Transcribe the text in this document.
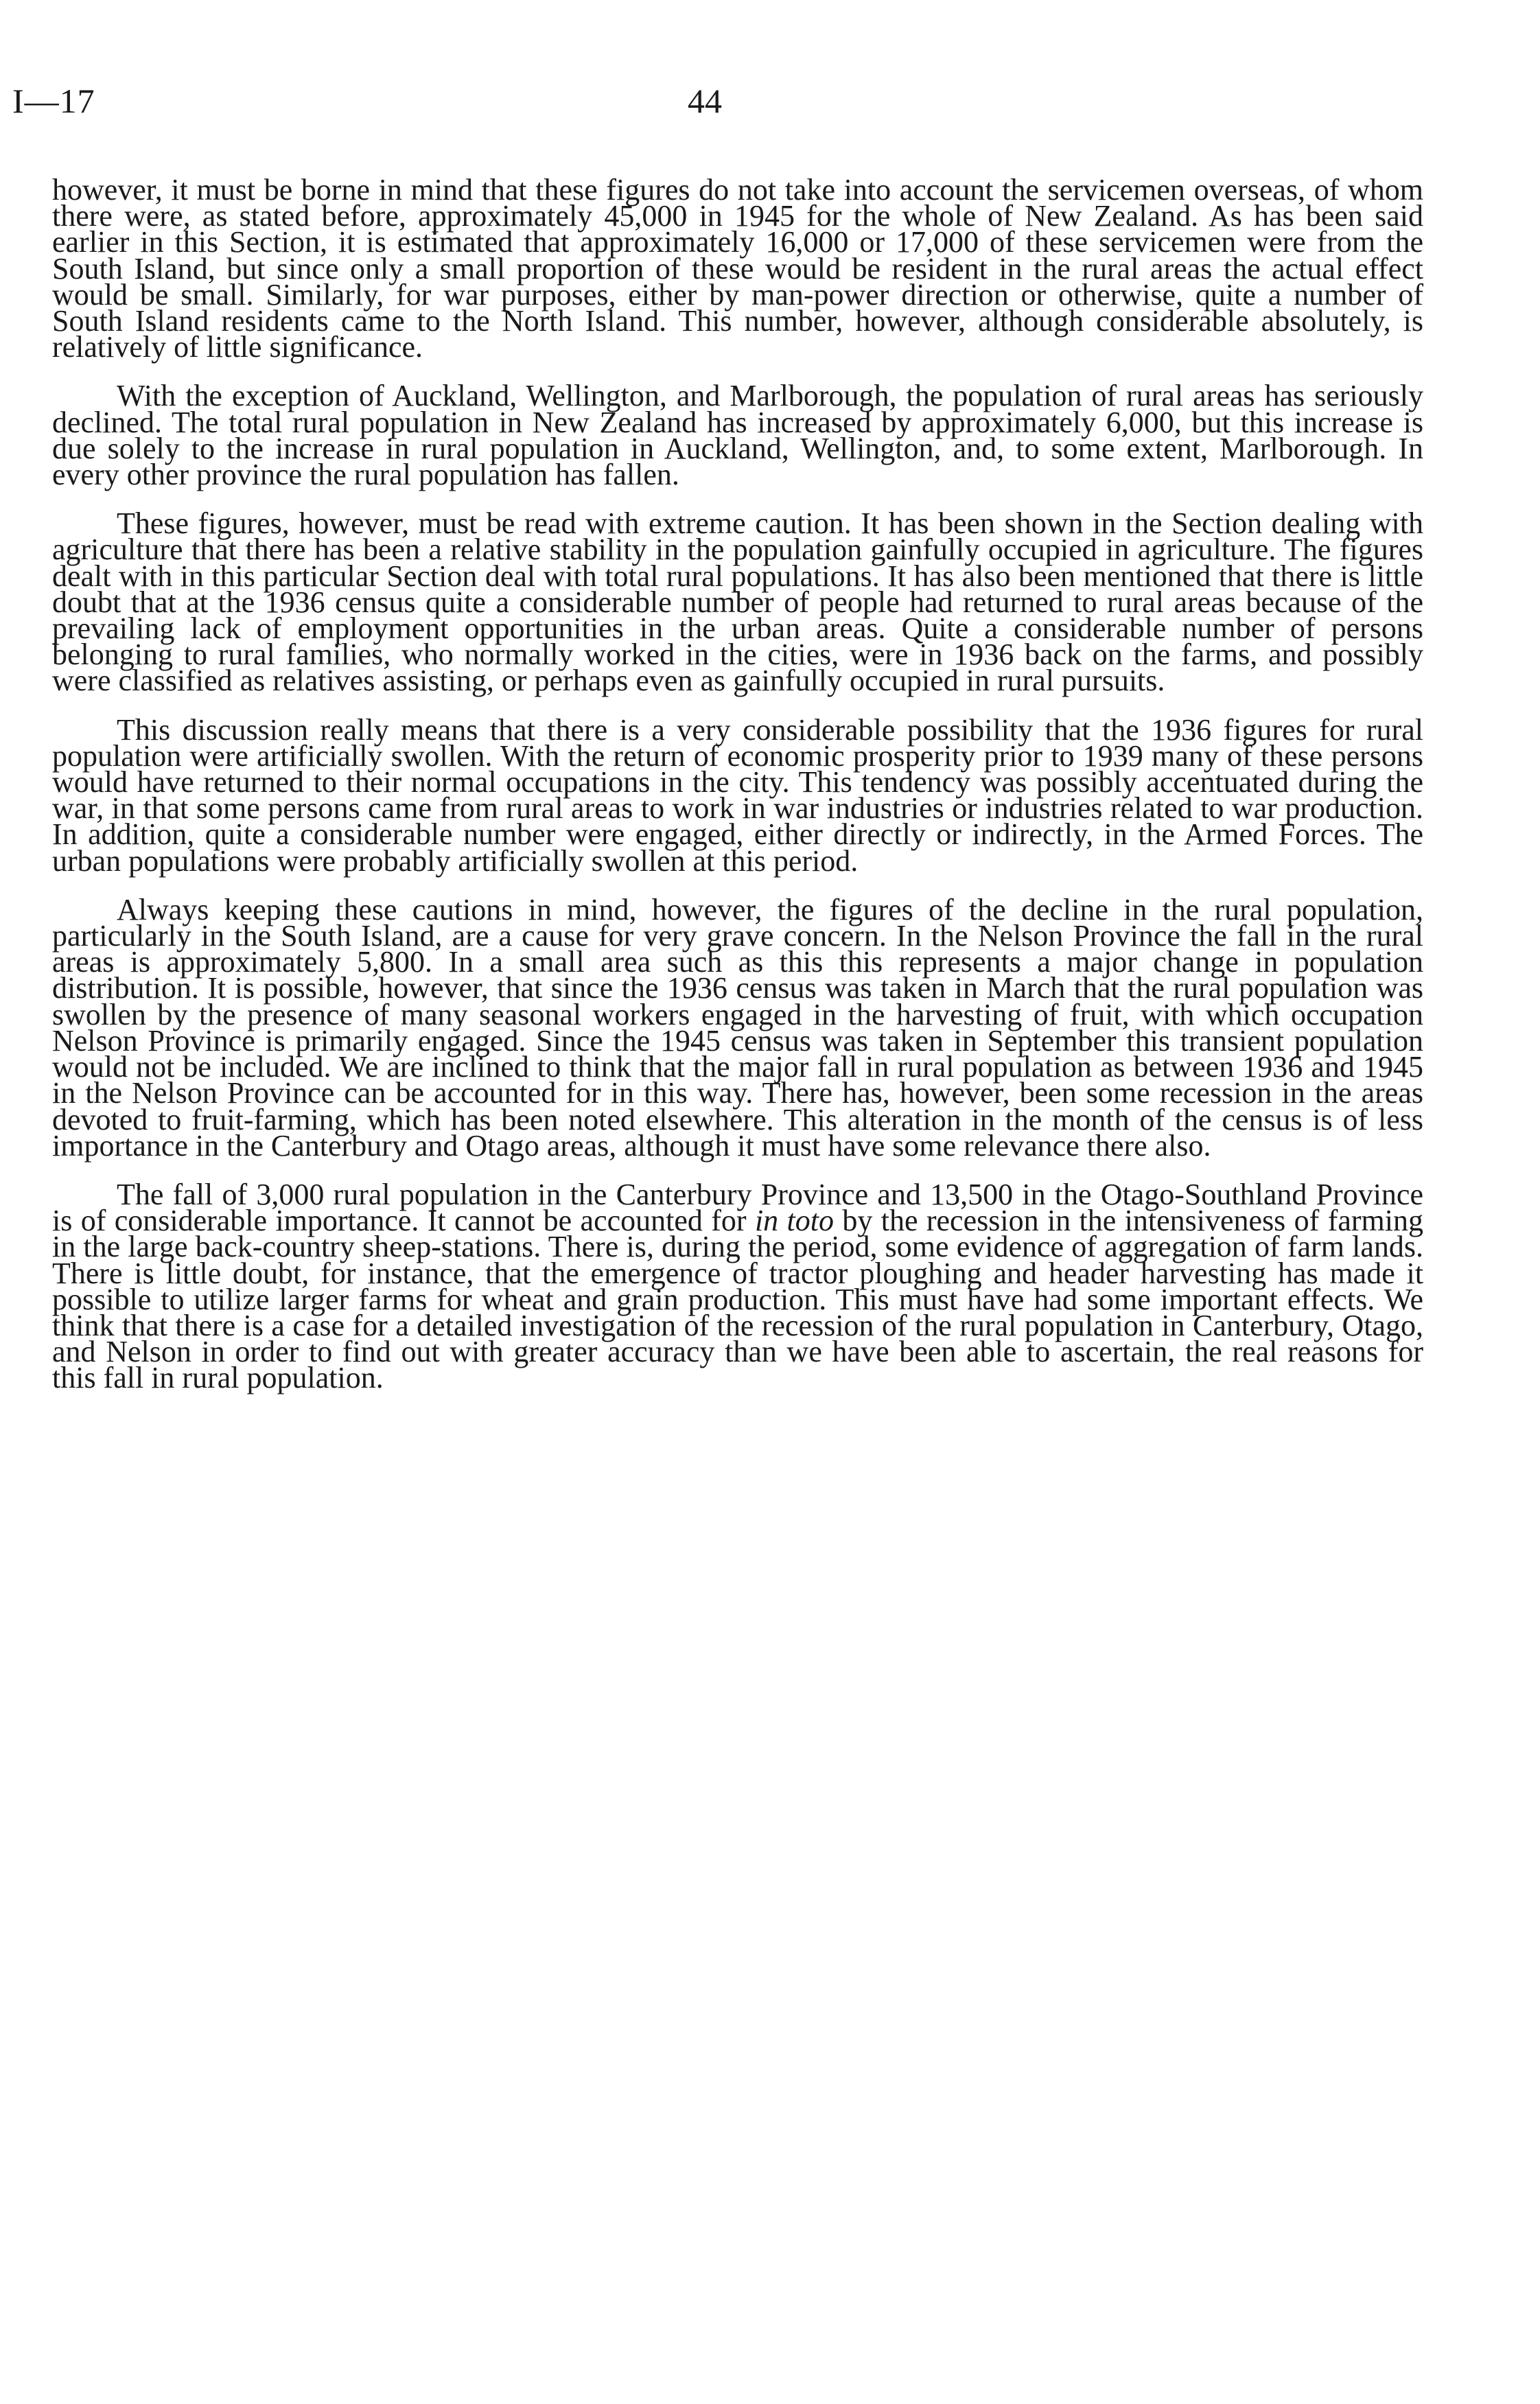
I—17	44

however, it must be borne in mind that these figures do not take into account the servicemen overseas, of whom there were, as stated before, approximately 45,000 in 1945 for the whole of New Zealand. As has been said earlier in this Section, it is estimated that approximately 16,000 or 17,000 of these servicemen were from the South Island, but since only a small proportion of these would be resident in the rural areas the actual effect would be small. Similarly, for war purposes, either by man-power direction or otherwise, quite a number of South Island residents came to the North Island. This number, however, although considerable absolutely, is relatively of little significance.

With the exception of Auckland, Wellington, and Marlborough, the population of rural areas has seriously declined. The total rural population in New Zealand has increased by approximately 6,000, but this increase is due solely to the increase in rural population in Auckland, Wellington, and, to some extent, Marlborough. In every other province the rural population has fallen.

These figures, however, must be read with extreme caution. It has been shown in the Section dealing with agriculture that there has been a relative stability in the population gainfully occupied in agriculture. The figures dealt with in this particular Section deal with total rural populations. It has also been mentioned that there is little doubt that at the 1936 census quite a considerable number of people had returned to rural areas because of the prevailing lack of employment opportunities in the urban areas. Quite a considerable number of persons belonging to rural families, who normally worked in the cities, were in 1936 back on the farms, and possibly were classified as relatives assisting, or perhaps even as gainfully occupied in rural pursuits.

This discussion really means that there is a very considerable possibility that the 1936 figures for rural population were artificially swollen. With the return of economic prosperity prior to 1939 many of these persons would have returned to their normal occupations in the city. This tendency was possibly accentuated during the war, in that some persons came from rural areas to work in war industries or industries related to war production. In addition, quite a considerable number were engaged, either directly or indirectly, in the Armed Forces. The urban populations were probably artificially swollen at this period.

Always keeping these cautions in mind, however, the figures of the decline in the rural population, particularly in the South Island, are a cause for very grave concern. In the Nelson Province the fall in the rural areas is approximately 5,800. In a small area such as this this represents a major change in population distribution. It is possible, however, that since the 1936 census was taken in March that the rural population was swollen by the presence of many seasonal workers engaged in the harvesting of fruit, with which occupation Nelson Province is primarily engaged. Since the 1945 census was taken in September this transient population would not be included. We are inclined to think that the major fall in rural population as between 1936 and 1945 in the Nelson Province can be accounted for in this way. There has, however, been some recession in the areas devoted to fruit-farming, which has been noted elsewhere. This alteration in the month of the census is of less importance in the Canterbury and Otago areas, although it must have some relevance there also.

The fall of 3,000 rural population in the Canterbury Province and 13,500 in the Otago-Southland Province is of considerable importance. It cannot be accounted for in toto by the recession in the intensiveness of farming in the large back-country sheep-stations. There is, during the period, some evidence of aggregation of farm lands. There is little doubt, for instance, that the emergence of tractor ploughing and header harvesting has made it possible to utilize larger farms for wheat and grain production. This must have had some important effects. We think that there is a case for a detailed investigation of the recession of the rural population in Canterbury, Otago, and Nelson in order to find out with greater accuracy than we have been able to ascertain, the real reasons for this fall in rural population.
